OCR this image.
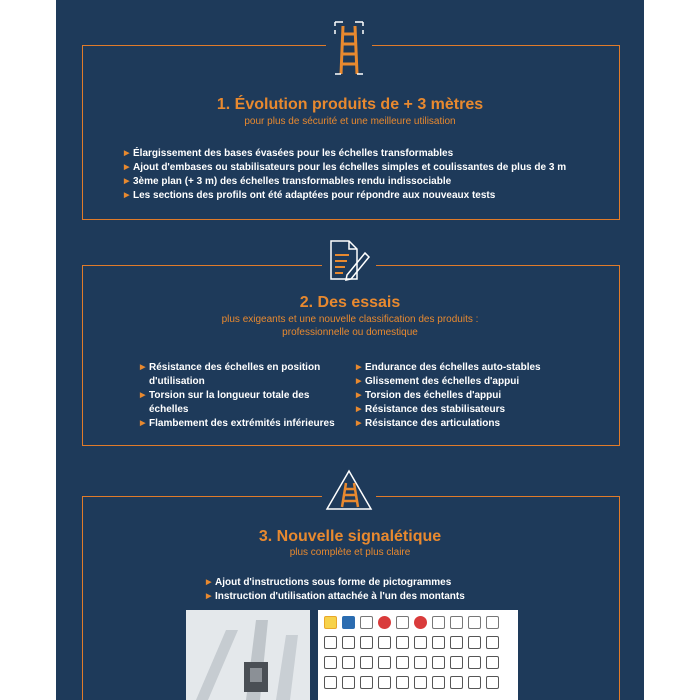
1. Évolution produits de + 3 mètres
pour plus de sécurité et une meilleure utilisation
▶ Élargissement des bases évasées pour les échelles transformables
▶ Ajout d'embases ou stabilisateurs pour les échelles simples et coulissantes de plus de 3 m
▶ 3ème plan (+ 3 m) des échelles transformables rendu indissociable
▶ Les sections des profils ont été adaptées pour répondre aux nouveaux tests
2. Des essais
plus exigeants et une nouvelle classification des produits :
professionnelle ou domestique
▶ Résistance des échelles en position d'utilisation
▶ Torsion sur la longueur totale des échelles
▶ Flambement des extrémités inférieures
▶ Endurance des échelles auto-stables
▶ Glissement des échelles d'appui
▶ Torsion des échelles d'appui
▶ Résistance des stabilisateurs
▶ Résistance des articulations
3. Nouvelle signalétique
plus complète et plus claire
▶ Ajout d'instructions sous forme de pictogrammes
▶ Instruction d'utilisation attachée à l'un des montants
